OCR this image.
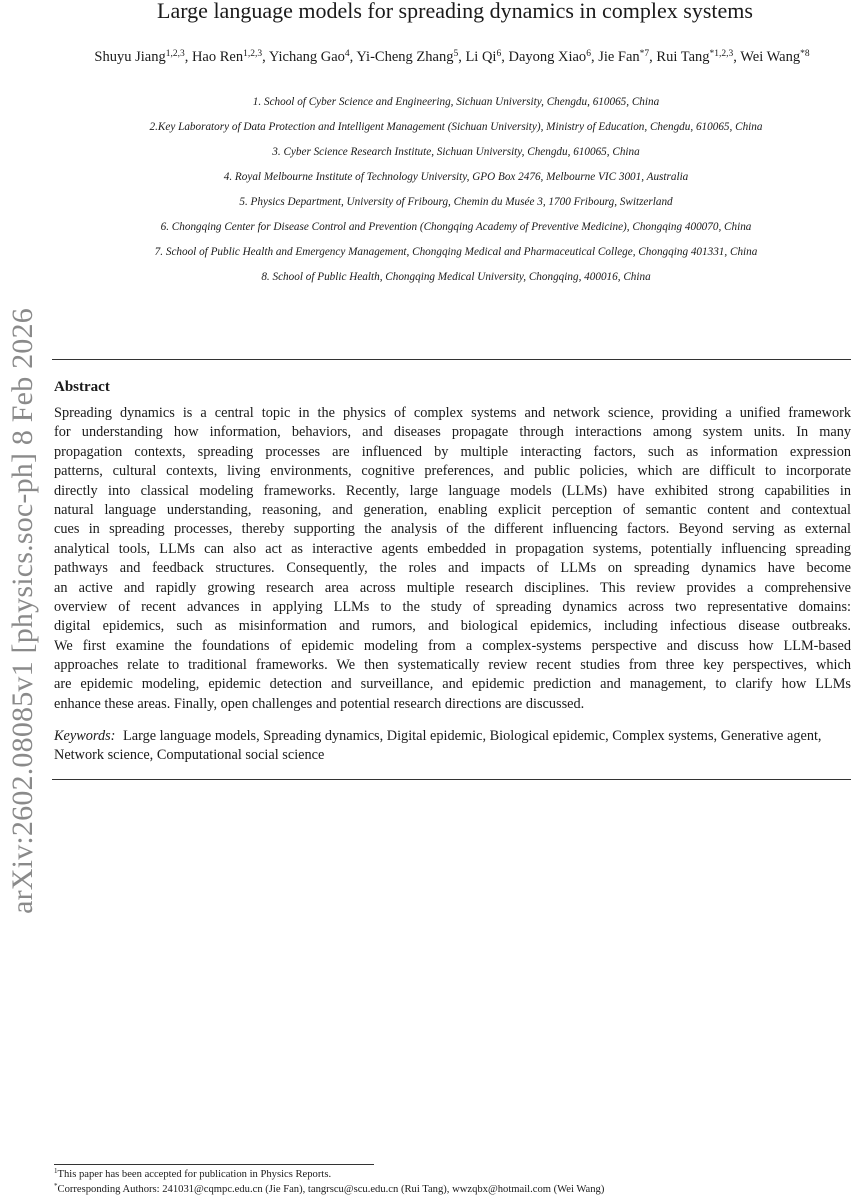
arXiv:2602.08085v1 [physics.soc-ph] 8 Feb 2026
Large language models for spreading dynamics in complex systems
Shuyu Jiang$^{1,2,3}$, Hao Ren$^{1,2,3}$, Yichang Gao$^4$, Yi-Cheng Zhang$^5$, Li Qi$^6$, Dayong Xiao$^6$, Jie Fan$^{*7}$, Rui Tang$^{*1,2,3}$, Wei Wang$^{*8}$
1. School of Cyber Science and Engineering, Sichuan University, Chengdu, 610065, China
2.Key Laboratory of Data Protection and Intelligent Management (Sichuan University), Ministry of Education, Chengdu, 610065, China
3. Cyber Science Research Institute, Sichuan University, Chengdu, 610065, China
4. Royal Melbourne Institute of Technology University, GPO Box 2476, Melbourne VIC 3001, Australia
5. Physics Department, University of Fribourg, Chemin du Musée 3, 1700 Fribourg, Switzerland
6. Chongqing Center for Disease Control and Prevention (Chongqing Academy of Preventive Medicine), Chongqing 400070, China
7. School of Public Health and Emergency Management, Chongqing Medical and Pharmaceutical College, Chongqing 401331, China
8. School of Public Health, Chongqing Medical University, Chongqing, 400016, China
Abstract
Spreading dynamics is a central topic in the physics of complex systems and network science, providing a unified framework
for understanding how information, behaviors, and diseases propagate through interactions among system units. In many
propagation contexts, spreading processes are influenced by multiple interacting factors, such as information expression
patterns, cultural contexts, living environments, cognitive preferences, and public policies, which are difficult to incorporate
directly into classical modeling frameworks. Recently, large language models (LLMs) have exhibited strong capabilities in
natural language understanding, reasoning, and generation, enabling explicit perception of semantic content and contextual
cues in spreading processes, thereby supporting the analysis of the different influencing factors. Beyond serving as external
analytical tools, LLMs can also act as interactive agents embedded in propagation systems, potentially influencing spreading
pathways and feedback structures. Consequently, the roles and impacts of LLMs on spreading dynamics have become
an active and rapidly growing research area across multiple research disciplines. This review provides a comprehensive
overview of recent advances in applying LLMs to the study of spreading dynamics across two representative domains:
digital epidemics, such as misinformation and rumors, and biological epidemics, including infectious disease outbreaks.
We first examine the foundations of epidemic modeling from a complex-systems perspective and discuss how LLM-based
approaches relate to traditional frameworks. We then systematically review recent studies from three key perspectives, which
are epidemic modeling, epidemic detection and surveillance, and epidemic prediction and management, to clarify how LLMs
enhance these areas. Finally, open challenges and potential research directions are discussed.
Keywords: Large language models, Spreading dynamics, Digital epidemic, Biological epidemic, Complex systems, Generative agent, Network science, Computational social science
$^1$This paper has been accepted for publication in Physics Reports.
*Corresponding Authors: 241031@cqmpc.edu.cn (Jie Fan), tangrscu@scu.edu.cn (Rui Tang), wwzqbx@hotmail.com (Wei Wang)
